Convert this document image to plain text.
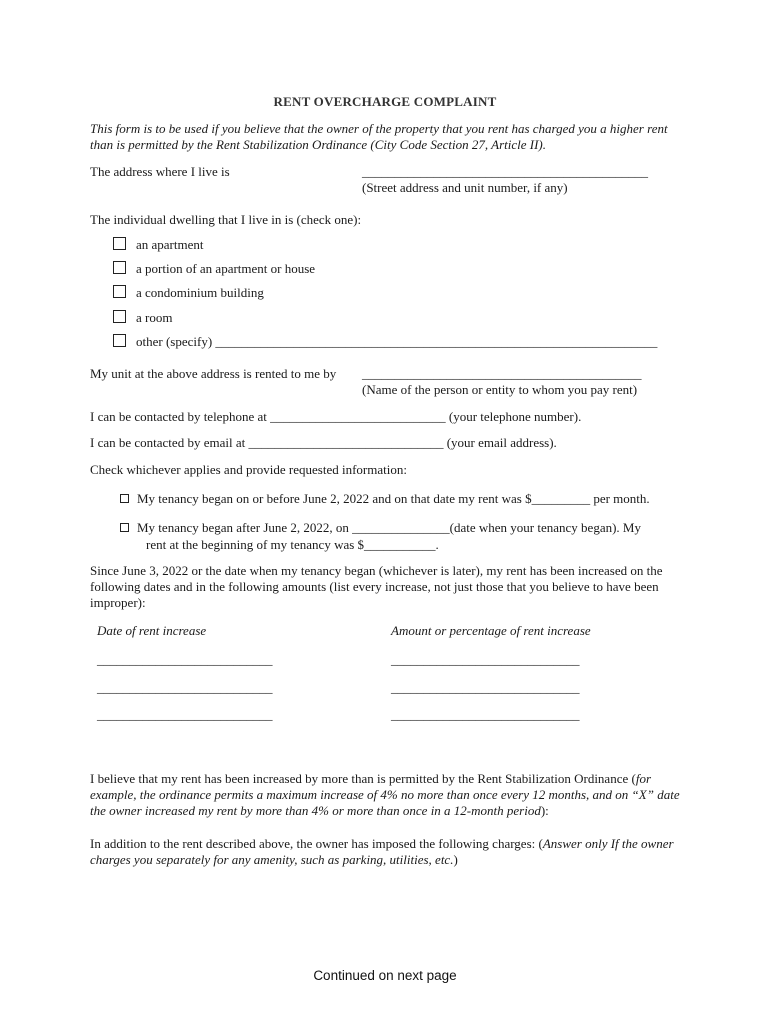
RENT OVERCHARGE COMPLAINT
This form is to be used if you believe that the owner of the property that you rent has charged you a higher rent than is permitted by the Rent Stabilization Ordinance (City Code Section 27, Article II).
The address where I live is	____________________________________________
(Street address and unit number, if any)
The individual dwelling that I live in is (check one):
an apartment
a portion of an apartment or house
a condominium building
a room
other (specify) ____________________________________________________________________
My unit at the above address is rented to me by ___________________________________________
(Name of the person or entity to whom you pay rent)
I can be contacted by telephone at ___________________________ (your telephone number).
I can be contacted by email at ______________________________ (your email address).
Check whichever applies and provide requested information:
My tenancy began on or before June 2, 2022 and on that date my rent was $_________ per month.
My tenancy began after June 2, 2022, on _______________(date when your tenancy began). My
rent at the beginning of my tenancy was $___________.
Since June 3, 2022 or the date when my tenancy began (whichever is later), my rent has been increased on the following dates and in the following amounts (list every increase, not just those that you believe to have been improper):
Date of rent increase	Amount or percentage of rent increase
___________________________	_____________________________
___________________________	_____________________________
___________________________	_____________________________
I believe that my rent has been increased by more than is permitted by the Rent Stabilization Ordinance (for example, the ordinance permits a maximum increase of 4% no more than once every 12 months, and on “X” date the owner increased my rent by more than 4% or more than once in a 12-month period):
In addition to the rent described above, the owner has imposed the following charges: (Answer only If the owner charges you separately for any amenity, such as parking, utilities, etc.)
Continued on next page
